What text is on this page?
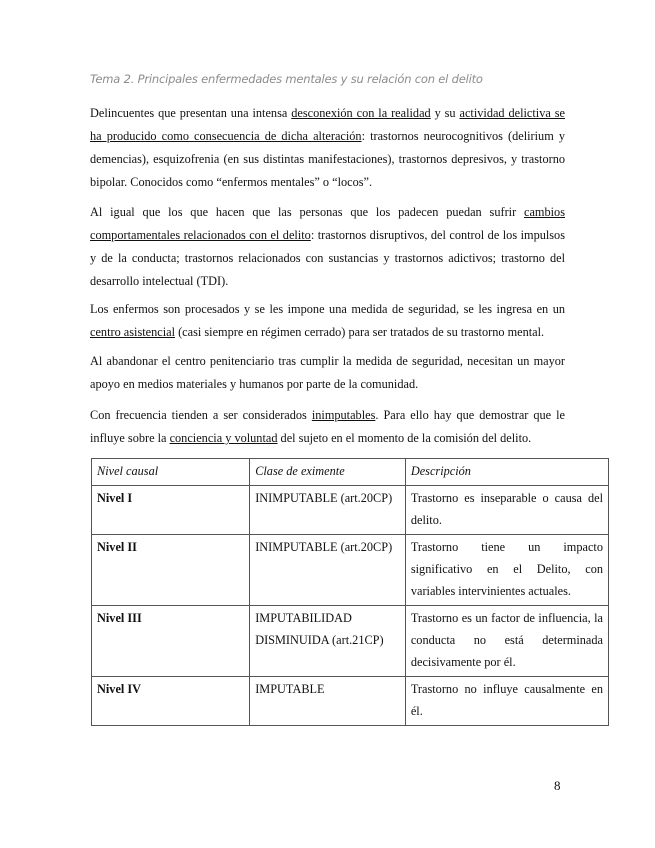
Tema 2. Principales enfermedades mentales y su relación con el delito

Delincuentes que presentan una intensa desconexión con la realidad y su actividad delictiva se ha producido como consecuencia de dicha alteración: trastornos neurocognitivos (delirium y demencias), esquizofrenia (en sus distintas manifestaciones), trastornos depresivos, y trastorno bipolar. Conocidos como “enfermos mentales” o “locos”.

Al igual que los que hacen que las personas que los padecen puedan sufrir cambios comportamentales relacionados con el delito: trastornos disruptivos, del control de los impulsos y de la conducta; trastornos relacionados con sustancias y trastornos adictivos; trastorno del desarrollo intelectual (TDI).

Los enfermos son procesados y se les impone una medida de seguridad, se les ingresa en un centro asistencial (casi siempre en régimen cerrado) para ser tratados de su trastorno mental.

Al abandonar el centro penitenciario tras cumplir la medida de seguridad, necesitan un mayor apoyo en medios materiales y humanos por parte de la comunidad.

Con frecuencia tienden a ser considerados inimputables. Para ello hay que demostrar que le influye sobre la conciencia y voluntad del sujeto en el momento de la comisión del delito.

Nivel causal	Clase de eximente	Descripción
Nivel I	INIMPUTABLE (art.20CP)	Trastorno es inseparable o causa del delito.
Nivel II	INIMPUTABLE (art.20CP)	Trastorno tiene un impacto significativo en el Delito, con variables intervinientes actuales.
Nivel III	IMPUTABILIDAD DISMINUIDA (art.21CP)	Trastorno es un factor de influencia, la conducta no está determinada decisivamente por él.
Nivel IV	IMPUTABLE	Trastorno no influye causalmente en él.
8
